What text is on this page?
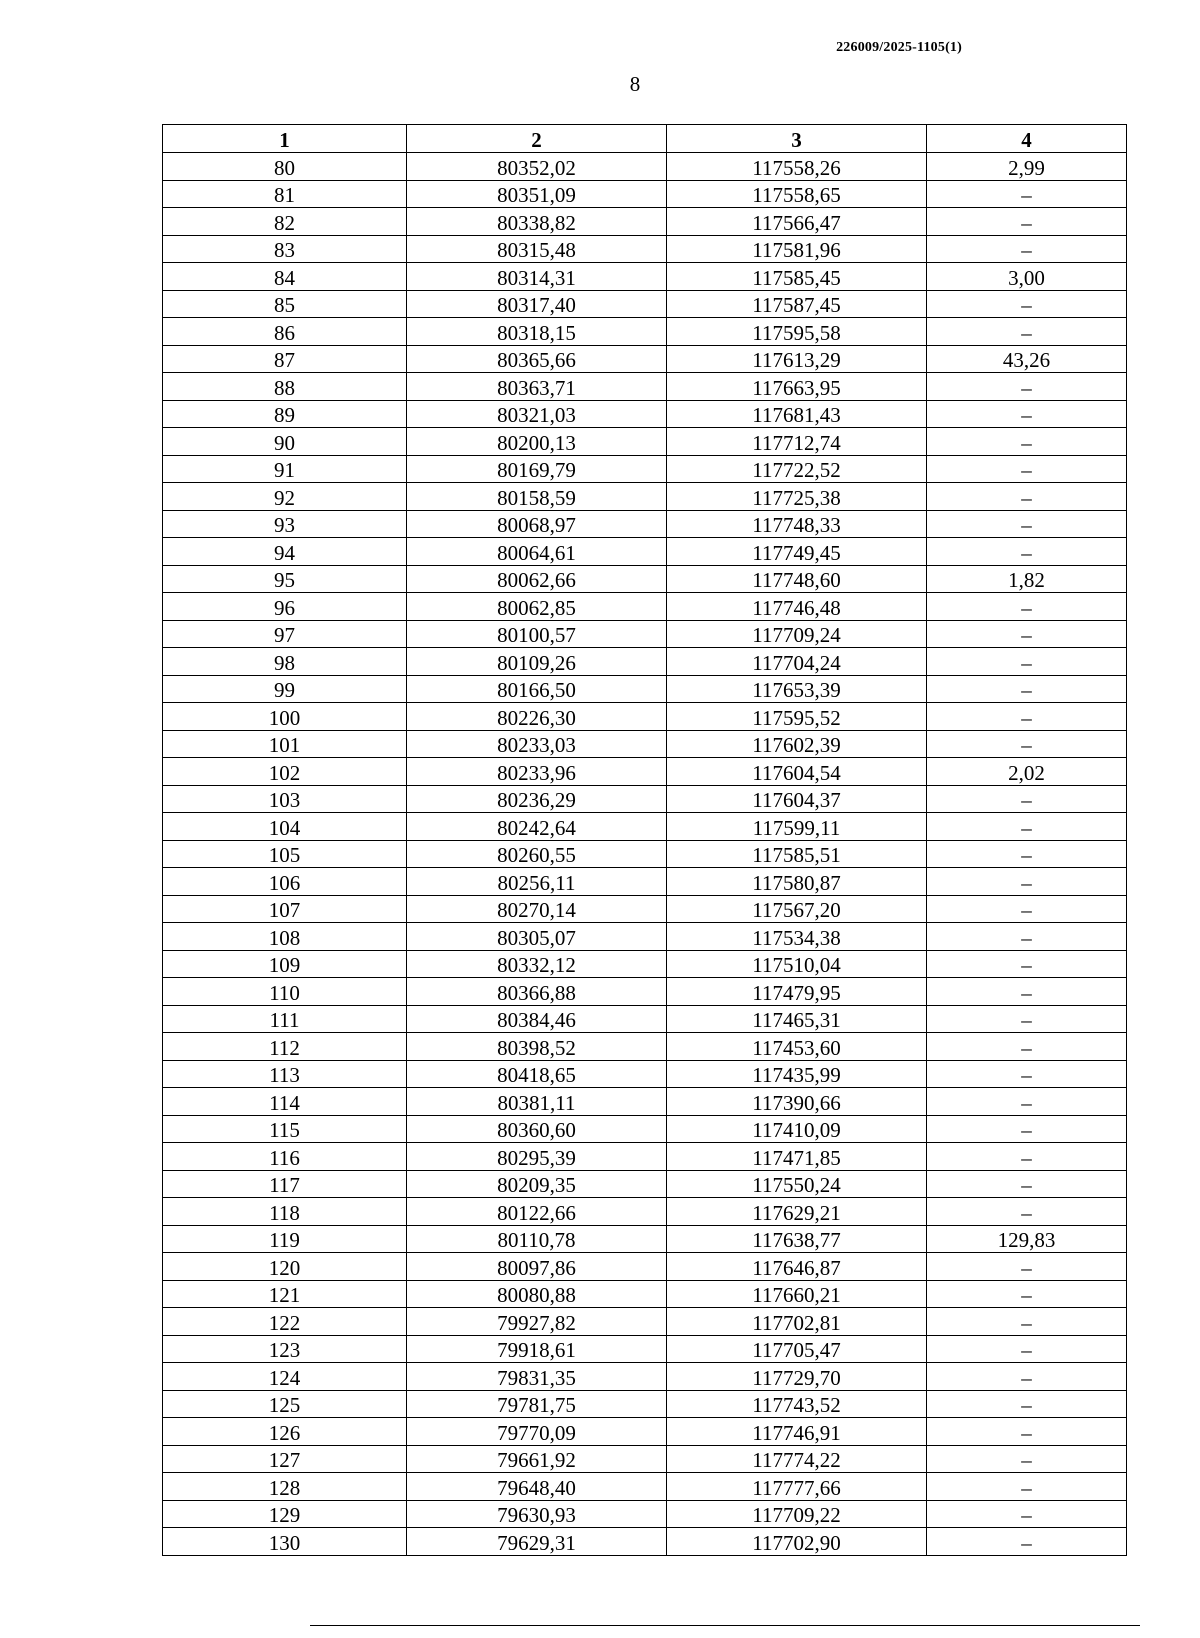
226009/2025-1105(1)
8
1	2	3	4
80	80352,02	117558,26	2,99
81	80351,09	117558,65	–
82	80338,82	117566,47	–
83	80315,48	117581,96	–
84	80314,31	117585,45	3,00
85	80317,40	117587,45	–
86	80318,15	117595,58	–
87	80365,66	117613,29	43,26
88	80363,71	117663,95	–
89	80321,03	117681,43	–
90	80200,13	117712,74	–
91	80169,79	117722,52	–
92	80158,59	117725,38	–
93	80068,97	117748,33	–
94	80064,61	117749,45	–
95	80062,66	117748,60	1,82
96	80062,85	117746,48	–
97	80100,57	117709,24	–
98	80109,26	117704,24	–
99	80166,50	117653,39	–
100	80226,30	117595,52	–
101	80233,03	117602,39	–
102	80233,96	117604,54	2,02
103	80236,29	117604,37	–
104	80242,64	117599,11	–
105	80260,55	117585,51	–
106	80256,11	117580,87	–
107	80270,14	117567,20	–
108	80305,07	117534,38	–
109	80332,12	117510,04	–
110	80366,88	117479,95	–
111	80384,46	117465,31	–
112	80398,52	117453,60	–
113	80418,65	117435,99	–
114	80381,11	117390,66	–
115	80360,60	117410,09	–
116	80295,39	117471,85	–
117	80209,35	117550,24	–
118	80122,66	117629,21	–
119	80110,78	117638,77	129,83
120	80097,86	117646,87	–
121	80080,88	117660,21	–
122	79927,82	117702,81	–
123	79918,61	117705,47	–
124	79831,35	117729,70	–
125	79781,75	117743,52	–
126	79770,09	117746,91	–
127	79661,92	117774,22	–
128	79648,40	117777,66	–
129	79630,93	117709,22	–
130	79629,31	117702,90	–
